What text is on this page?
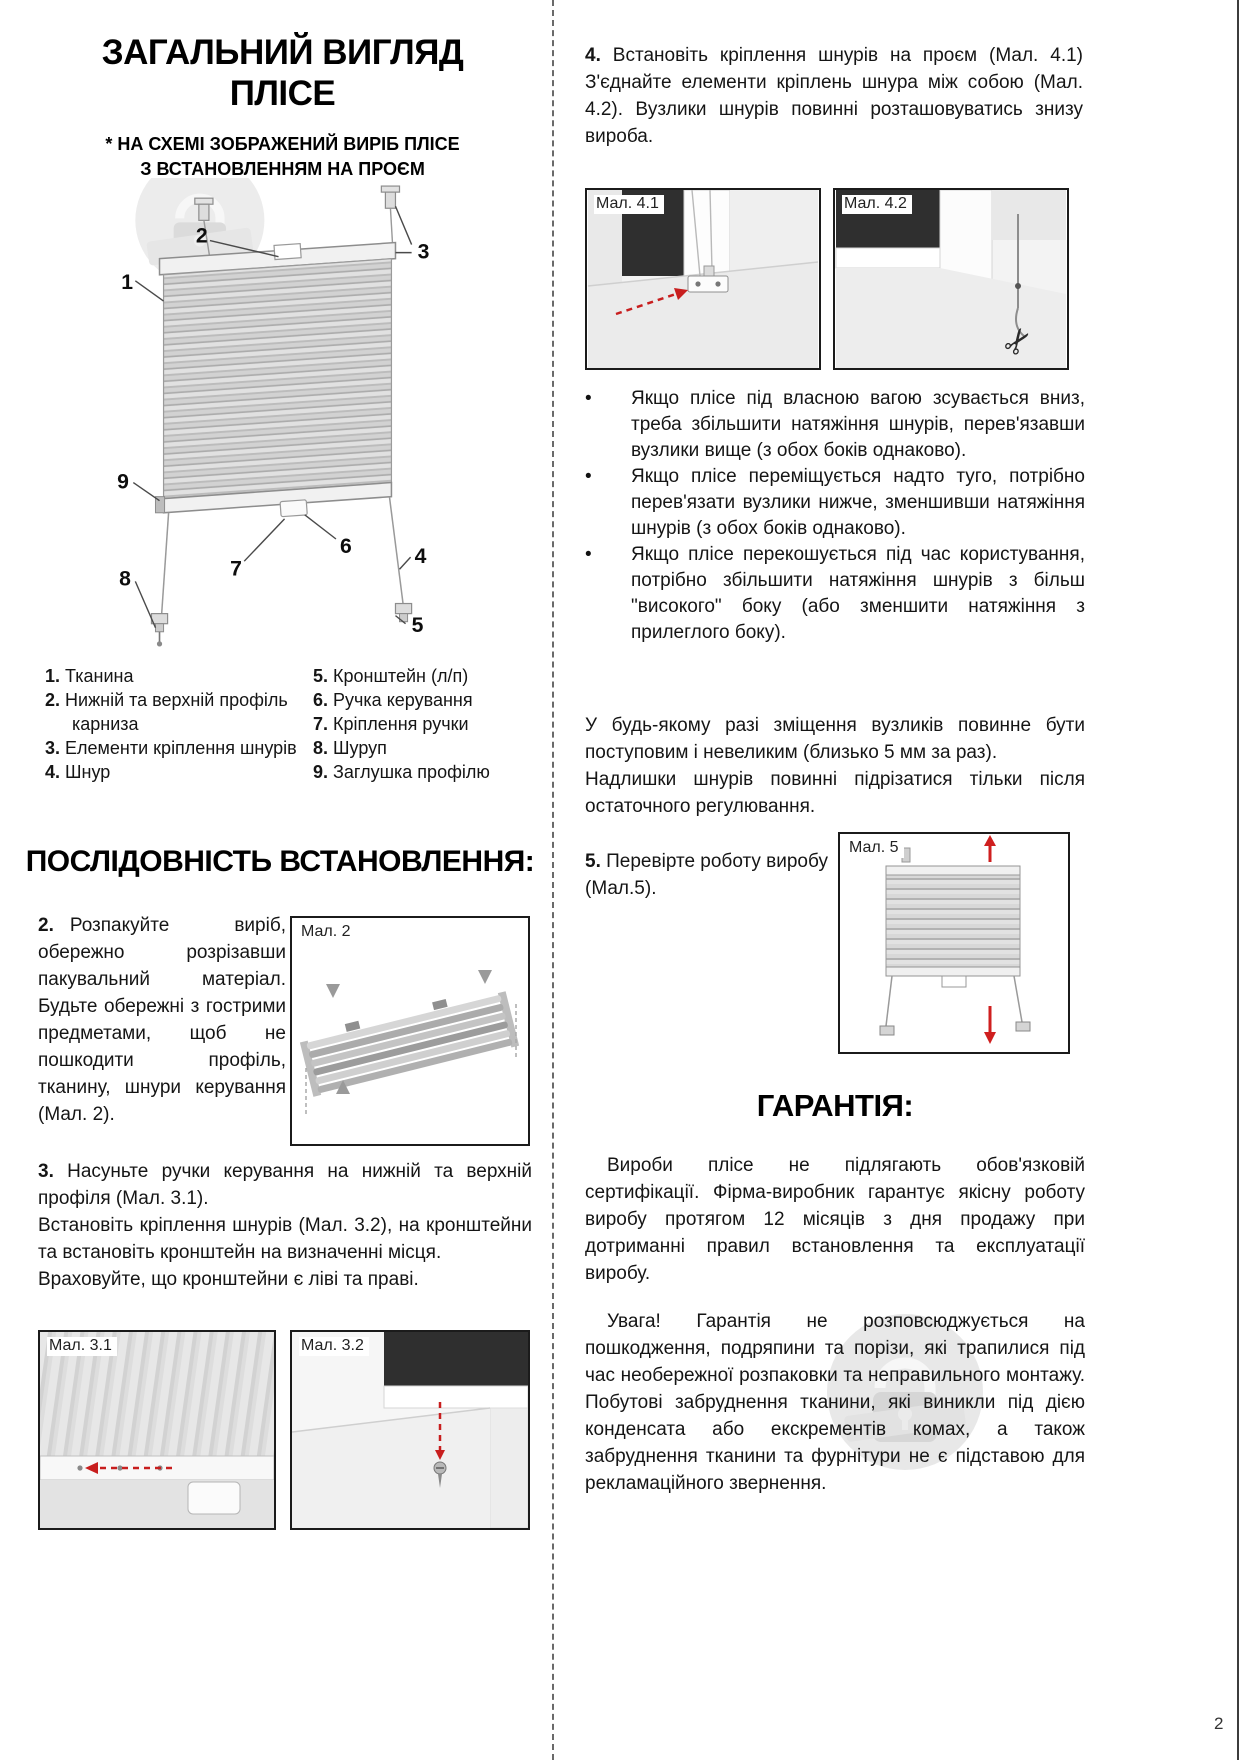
2
ЗАГАЛЬНИЙ ВИГЛЯД
ПЛІСЕ
* НА СХЕМІ ЗОБРАЖЕНИЙ ВИРІБ ПЛІСЕ
З ВСТАНОВЛЕННЯМ НА ПРОЄМ
1
2
3
4
5
6
7
8
9
1. Тканина
2. Нижній та верхній профіль карниза
3. Елементи кріплення шнурів
4. Шнур
5. Кронштейн (л/п)
6. Ручка керування
7. Кріплення ручки
8. Шуруп
9. Заглушка профілю
ПОСЛІДОВНІСТЬ ВСТАНОВЛЕННЯ:

2. Розпакуйте виріб, обережно розрізавши пакувальний матеріал. Будьте обережні з гострими предметами, щоб не пошкодити профіль, тканину, шнури керування (Мал. 2).

Мал. 2

3. Насуньте ручки керування на нижній та верхній профіля (Мал. 3.1).
Встановіть кріплення шнурів (Мал. 3.2), на кронштейни та встановіть кронштейн на визначенні місця.
Враховуйте, що кронштейни є ліві та праві.

Мал. 3.1	Мал. 3.2

4. Встановіть кріплення шнурів на проєм (Мал. 4.1) З'єднайте елементи кріплень шнура між собою (Мал. 4.2). Вузлики шнурів повинні розташовуватись знизу вироба.

Мал. 4.1	Мал. 4.2
✂
•	Якщо плісе під власною вагою зсувається вниз, треба збільшити натяжіння шнурів, перев'язавши вузлики вище (з обох боків однаково).
•	Якщо плісе переміщується надто туго, потрібно перев'язати вузлики нижче, зменшивши натяжіння шнурів (з обох боків однаково).
•	Якщо плісе перекошується під час користування, потрібно збільшити натяжіння шнурів з більш "високого" боку (або зменшити натяжіння з прилеглого боку).

У будь-якому разі зміщення вузликів повинне бути поступовим і невеликим (близько 5 мм за раз).

Надлишки шнурів повинні підрізатися тільки після остаточного регулювання.

5. Перевірте роботу виробу (Мал.5).

Мал. 5
ГАРАНТІЯ:

Вироби плісе не підлягають обов'язковій сертифікації. Фірма-виробник гарантує якісну роботу виробу протягом 12 місяців з дня продажу при дотриманні правил встановлення та експлуатації виробу.

Увага! Гарантія не розповсюджується на пошкодження, подряпини та порізи, які трапилися під час необережної розпаковки та неправильного монтажу. Побутові забруднення тканини, які виникли під дією конденсата або екскрементів комах, а також забруднення тканини та фурнітури не є підставою для рекламаційного звернення.
